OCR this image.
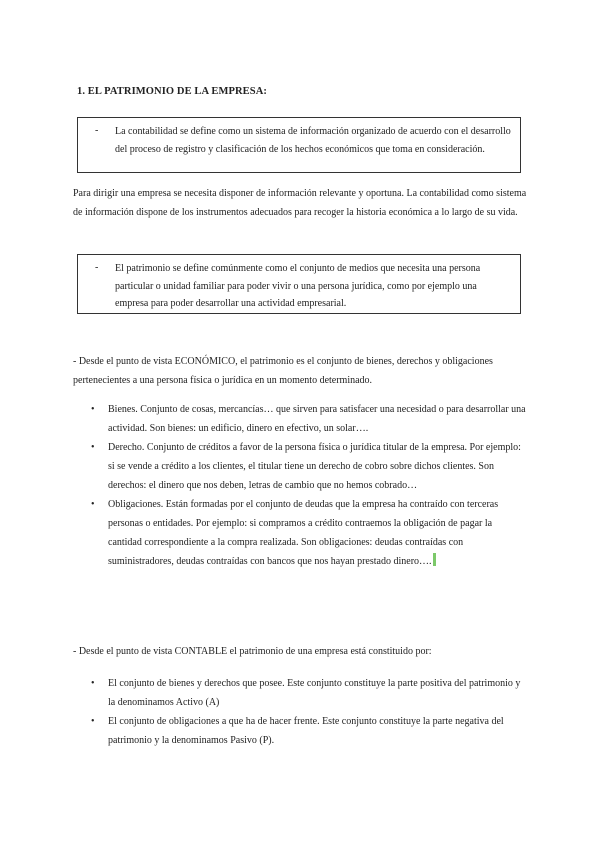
1. EL PATRIMONIO DE LA EMPRESA:
- La contabilidad se define como un sistema de información organizado de acuerdo con el desarrollo del proceso de registro y clasificación de los hechos económicos que toma en consideración.
Para dirigir una empresa se necesita disponer de información relevante y oportuna. La contabilidad como sistema de información dispone de los instrumentos adecuados para recoger la historia económica a lo largo de su vida.
- El patrimonio se define comúnmente como el conjunto de medios que necesita una persona particular o unidad familiar para poder vivir o una persona jurídica, como por ejemplo una empresa para poder desarrollar una actividad empresarial.
- Desde el punto de vista ECONÓMICO, el patrimonio es el conjunto de bienes, derechos y obligaciones pertenecientes a una persona física o jurídica en un momento determinado.
• Bienes. Conjunto de cosas, mercancías… que sirven para satisfacer una necesidad o para desarrollar una actividad. Son bienes: un edificio, dinero en efectivo, un solar….
• Derecho. Conjunto de créditos a favor de la persona física o jurídica titular de la empresa. Por ejemplo: si se vende a crédito a los clientes, el titular tiene un derecho de cobro sobre dichos clientes. Son derechos: el dinero que nos deben, letras de cambio que no hemos cobrado…
• Obligaciones. Están formadas por el conjunto de deudas que la empresa ha contraído con terceras personas o entidades. Por ejemplo: si compramos a crédito contraemos la obligación de pagar la cantidad correspondiente a la compra realizada. Son obligaciones: deudas contraídas con suministradores, deudas contraídas con bancos que nos hayan prestado dinero….
- Desde el punto de vista CONTABLE el patrimonio de una empresa está constituido por:
• El conjunto de bienes y derechos que posee. Este conjunto constituye la parte positiva del patrimonio y la denominamos Activo (A)
• El conjunto de obligaciones a que ha de hacer frente. Este conjunto constituye la parte negativa del patrimonio y la denominamos Pasivo (P).
